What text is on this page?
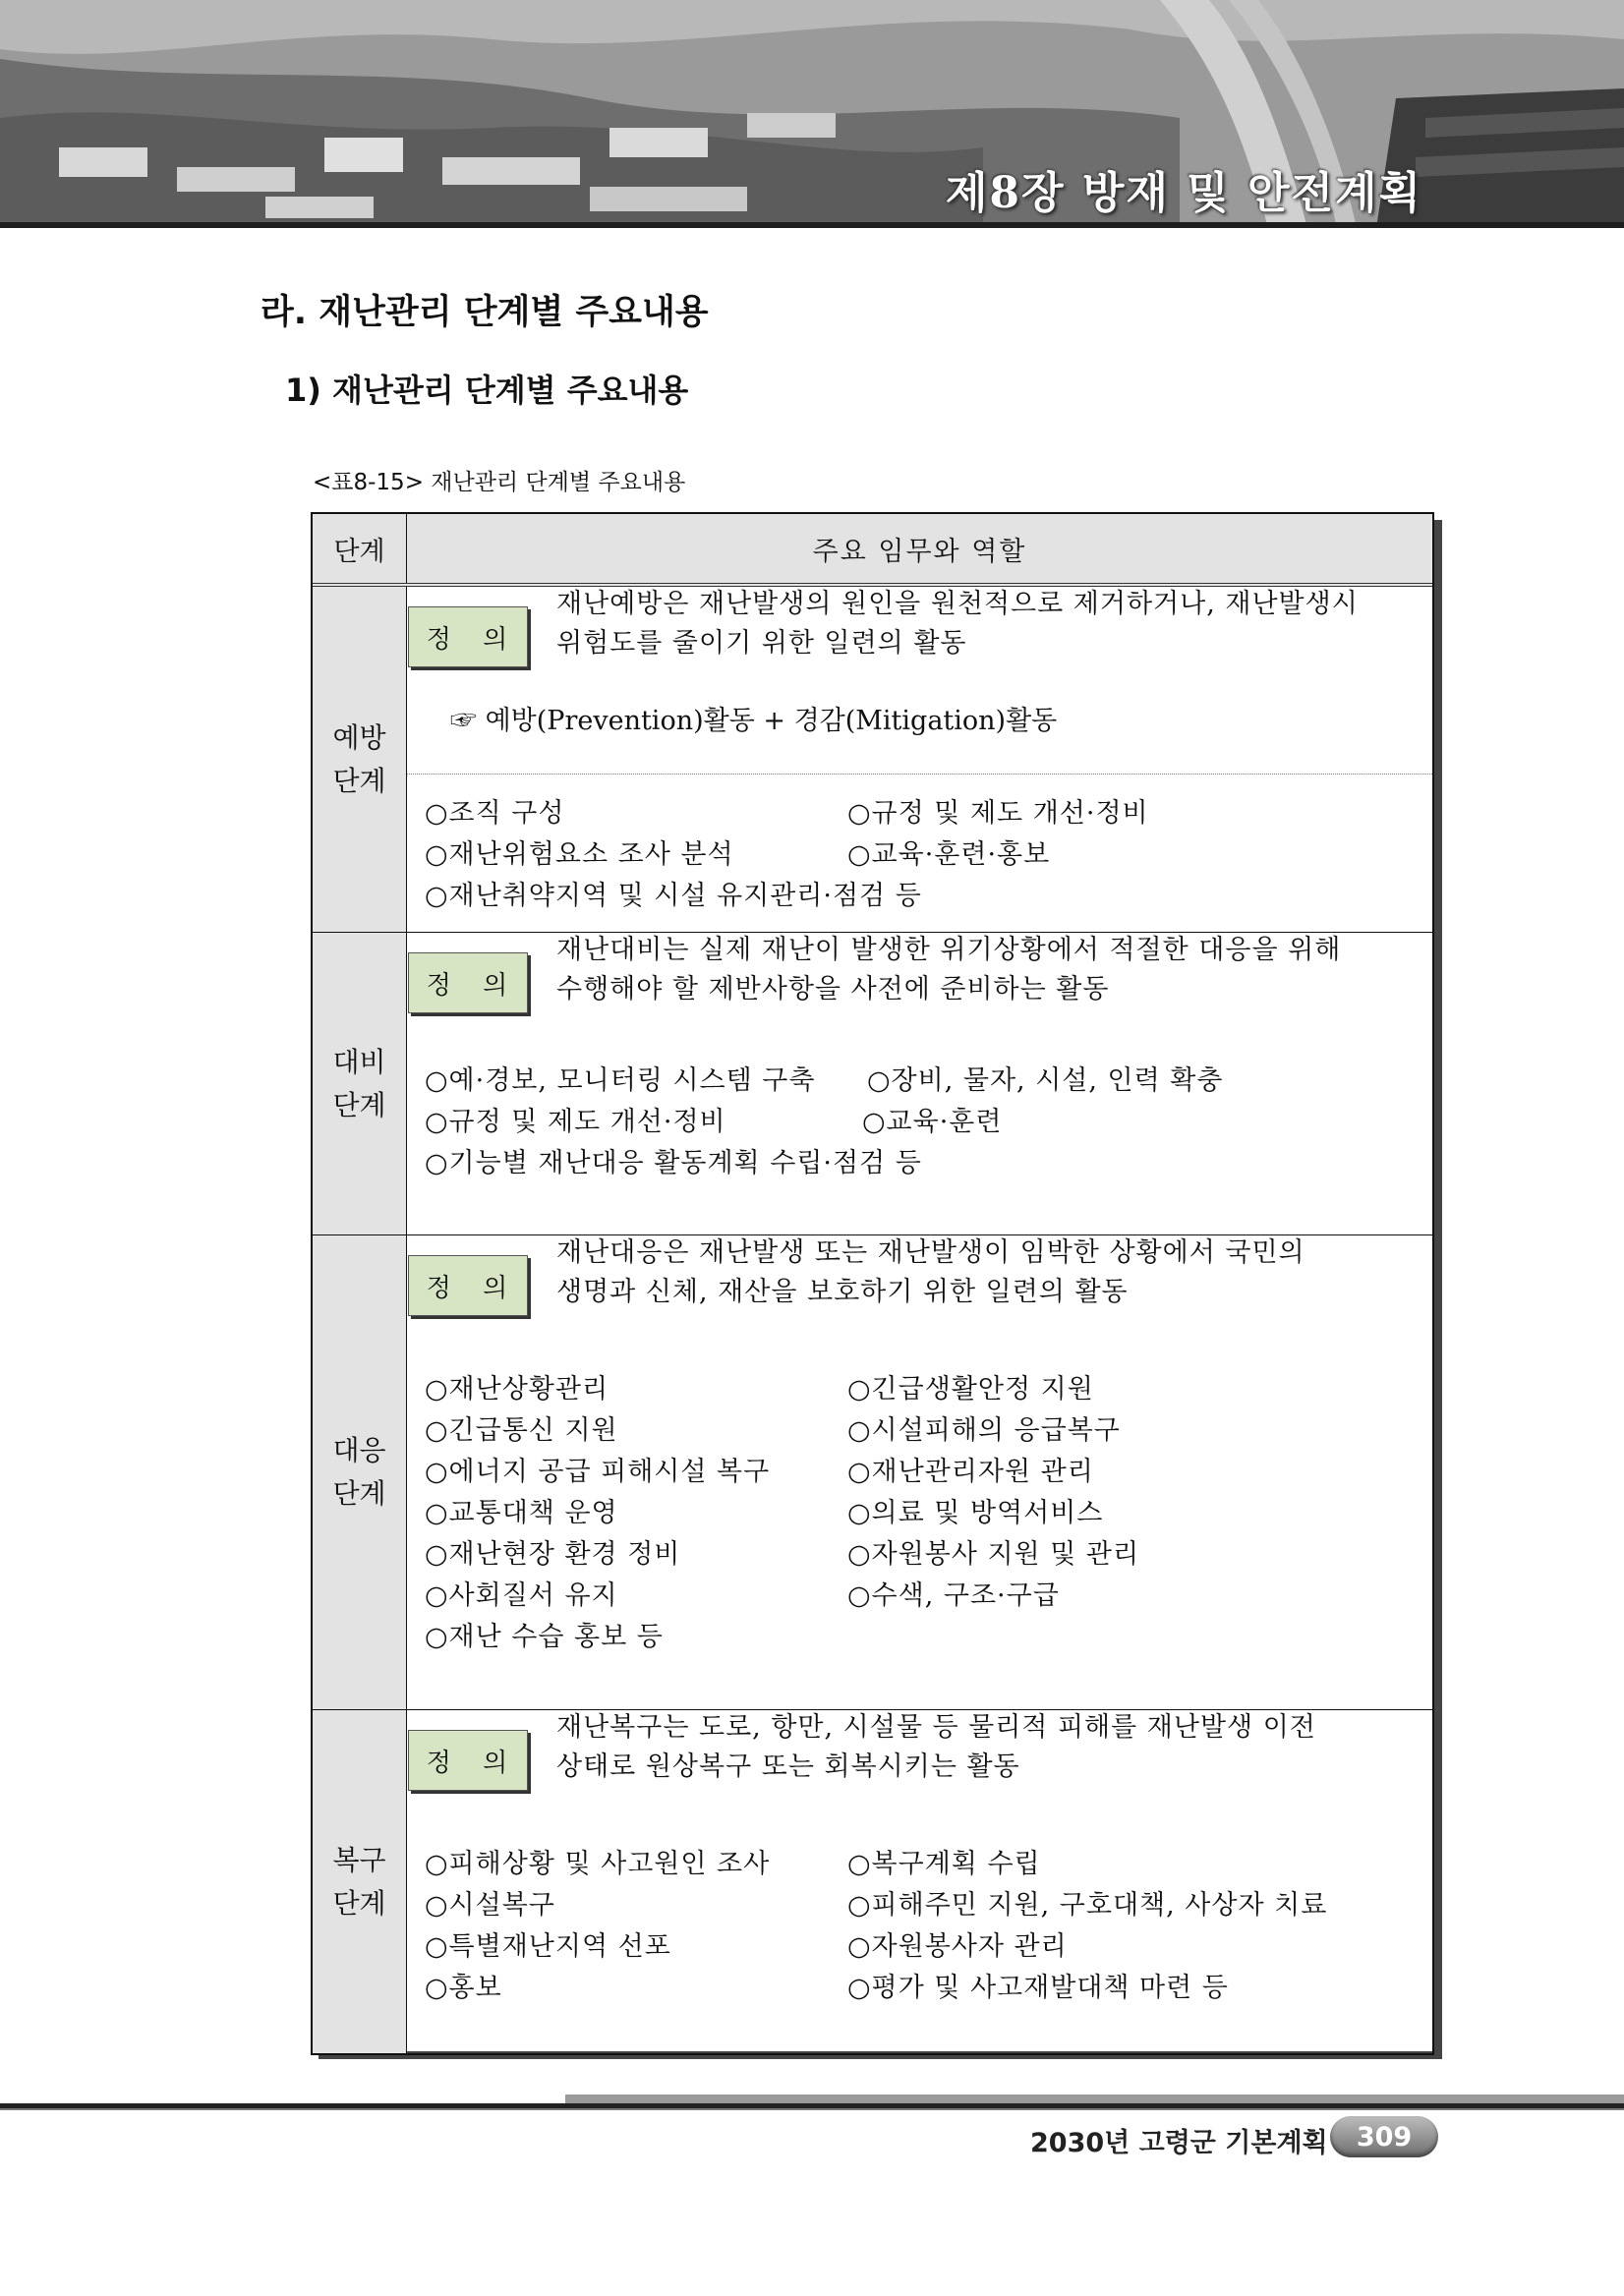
제8장 방재 및 안전계획
라. 재난관리 단계별 주요내용
1) 재난관리 단계별 주요내용
<표8-15> 재난관리 단계별 주요내용
단계	주요 임무와 역할
예방
단계
정 의
재난예방은 재난발생의 원인을 원천적으로 제거하거나, 재난발생시
위험도를 줄이기 위한 일련의 활동
☞ 예방(Prevention)활동 + 경감(Mitigation)활동
○조직 구성
○재난위험요소 조사 분석
○재난취약지역 및 시설 유지관리·점검 등
○규정 및 제도 개선·정비
○교육·훈련·홍보
대비
단계
정 의
재난대비는 실제 재난이 발생한 위기상황에서 적절한 대응을 위해
수행해야 할 제반사항을 사전에 준비하는 활동
○예·경보, 모니터링 시스템 구축
○규정 및 제도 개선·정비
○기능별 재난대응 활동계획 수립·점검 등
○장비, 물자, 시설, 인력 확충
○교육·훈련
대응
단계
정 의
재난대응은 재난발생 또는 재난발생이 임박한 상황에서 국민의
생명과 신체, 재산을 보호하기 위한 일련의 활동
○재난상황관리
○긴급통신 지원
○에너지 공급 피해시설 복구
○교통대책 운영
○재난현장 환경 정비
○사회질서 유지
○재난 수습 홍보 등
○긴급생활안정 지원
○시설피해의 응급복구
○재난관리자원 관리
○의료 및 방역서비스
○자원봉사 지원 및 관리
○수색, 구조·구급
복구
단계
정 의
재난복구는 도로, 항만, 시설물 등 물리적 피해를 재난발생 이전
상태로 원상복구 또는 회복시키는 활동
○피해상황 및 사고원인 조사
○시설복구
○특별재난지역 선포
○홍보
○복구계획 수립
○피해주민 지원, 구호대책, 사상자 치료
○자원봉사자 관리
○평가 및 사고재발대책 마련 등
2030년 고령군 기본계획	309
